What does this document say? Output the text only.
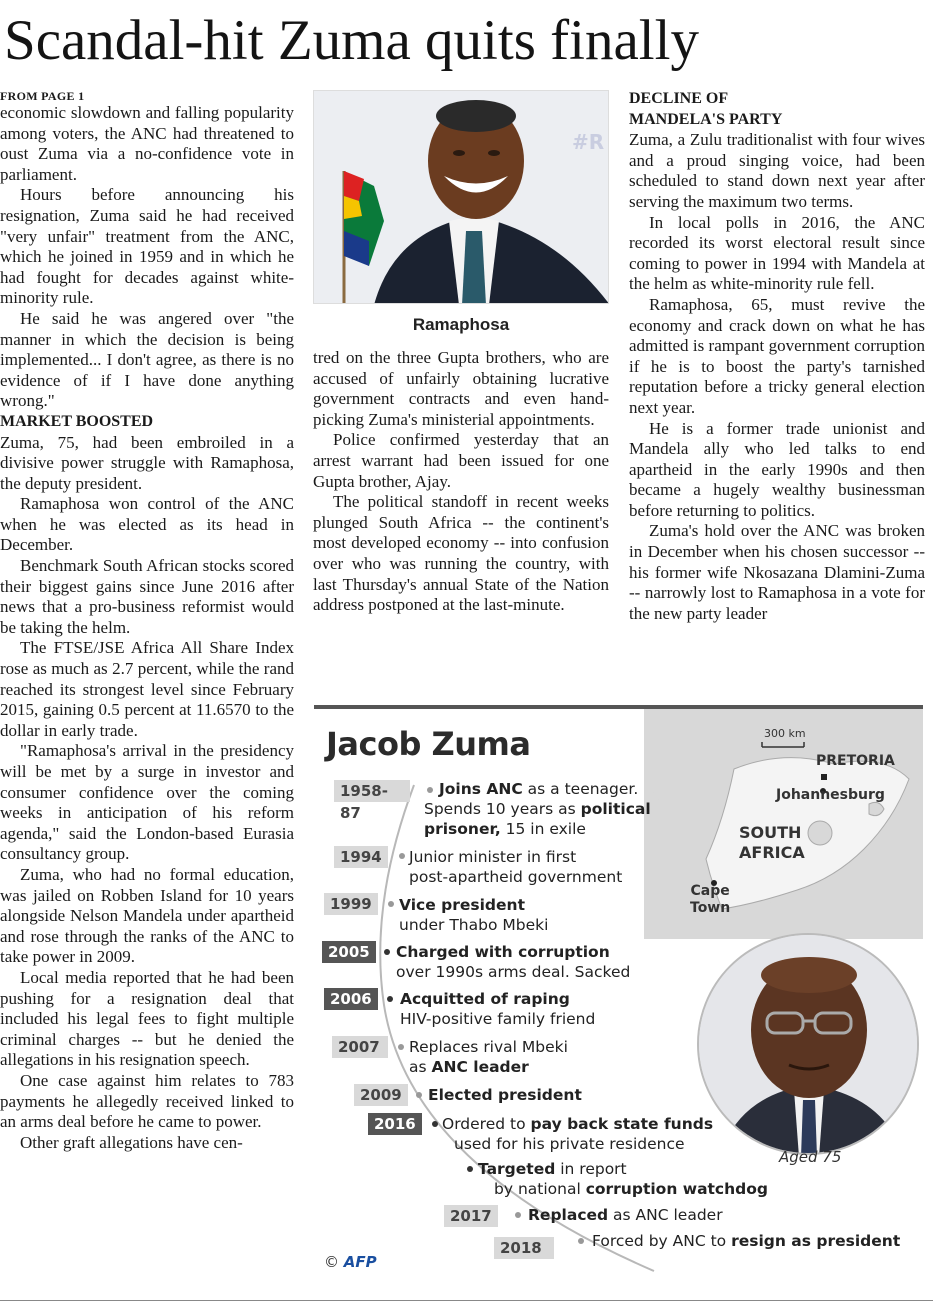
Scandal-hit Zuma quits finally

FROM PAGE 1

economic slowdown and falling popularity among voters, the ANC had threatened to oust Zuma via a no-confidence vote in parliament.

Hours before announcing his resignation, Zuma said he had received "very unfair" treatment from the ANC, which he joined in 1959 and in which he had fought for decades against white-minority rule.

He said he was angered over "the manner in which the decision is being implemented... I don't agree, as there is no evidence of if I have done anything wrong."

MARKET BOOSTED

Zuma, 75, had been embroiled in a divisive power struggle with Ramaphosa, the deputy president.

Ramaphosa won control of the ANC when he was elected as its head in December.

Benchmark South African stocks scored their biggest gains since June 2016 after news that a pro-business reformist would be taking the helm.

The FTSE/JSE Africa All Share Index rose as much as 2.7 percent, while the rand reached its strongest level since February 2015, gaining 0.5 percent at 11.6570 to the dollar in early trade.

"Ramaphosa's arrival in the presidency will be met by a surge in investor and consumer confidence over the coming weeks in anticipation of his reform agenda," said the London-based Eurasia consultancy group.

Zuma, who had no formal education, was jailed on Robben Island for 10 years alongside Nelson Mandela under apartheid and rose through the ranks of the ANC to take power in 2009.

Local media reported that he had been pushing for a resignation deal that included his legal fees to fight multiple criminal charges -- but he denied the allegations in his resignation speech.

One case against him relates to 783 payments he allegedly received linked to an arms deal before he came to power.

Other graft allegations have cen-

#R
Ramaphosa

tred on the three Gupta brothers, who are accused of unfairly obtaining lucrative government contracts and even hand-picking Zuma's ministerial appointments.

Police confirmed yesterday that an arrest warrant had been issued for one Gupta brother, Ajay.

The political standoff in recent weeks plunged South Africa -- the continent's most developed economy -- into confusion over who was running the country, with last Thursday's annual State of the Nation address postponed at the last-minute.

DECLINE OF

MANDELA'S PARTY

Zuma, a Zulu traditionalist with four wives and a proud singing voice, had been scheduled to stand down next year after serving the maximum two terms.

In local polls in 2016, the ANC recorded its worst electoral result since coming to power in 1994 with Mandela at the helm as white-minority rule fell.

Ramaphosa, 65, must revive the economy and crack down on what he has admitted is rampant government corruption if he is to boost the party's tarnished reputation before a tricky general election next year.

He is a former trade unionist and Mandela ally who led talks to end apartheid in the early 1990s and then became a hugely wealthy businessman before returning to politics.

Zuma's hold over the ANC was broken in December when his chosen successor -- his former wife Nkosazana Dlamini-Zuma -- narrowly lost to Ramaphosa in a vote for the new party leader

300 km
PRETORIA
Johannesburg
SOUTH
AFRICA
Cape
Town
Aged 75
Jacob Zuma
1958-87
Joins ANC as a teenager.
Spends 10 years as political
prisoner, 15 in exile
1994	Junior minister in first
post-apartheid government
1999	Vice president
under Thabo Mbeki
2005	Charged with corruption
over 1990s arms deal. Sacked
2006	Acquitted of raping
HIV-positive family friend
2007	Replaces rival Mbeki
as ANC leader
2009	Elected president
2016	Ordered to pay back state funds
used for his private residence
Targeted in report
by national corruption watchdog
2017	Replaced as ANC leader
2018	Forced by ANC to resign as president
© AFP
